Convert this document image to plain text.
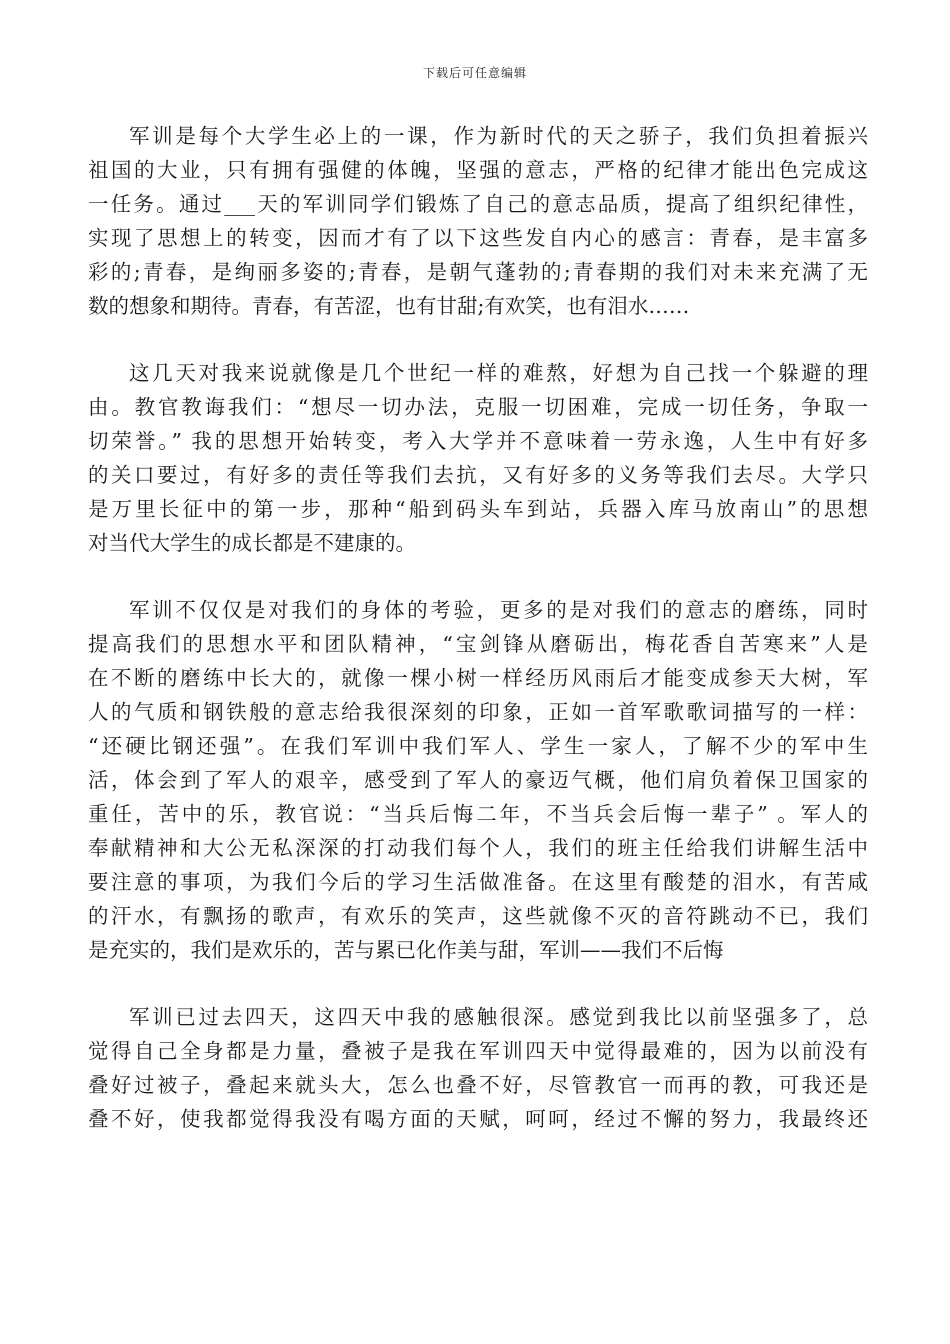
下载后可任意编辑
军训是每个大学生必上的一课，作为新时代的天之骄子，我们负担着振兴
祖国的大业，只有拥有强健的体魄，坚强的意志，严格的纪律才能出色完成这
一任务。通过___天的军训同学们锻炼了自己的意志品质，提高了组织纪律性，
实现了思想上的转变，因而才有了以下这些发自内心的感言：青春，是丰富多
彩的;青春，是绚丽多姿的;青春，是朝气蓬勃的;青春期的我们对未来充满了无
数的想象和期待。青春，有苦涩，也有甘甜;有欢笑，也有泪水……
这几天对我来说就像是几个世纪一样的难熬，好想为自己找一个躲避的理
由。教官教诲我们：“想尽一切办法，克服一切困难，完成一切任务，争取一
切荣誉。” 我的思想开始转变，考入大学并不意味着一劳永逸，人生中有好多
的关口要过，有好多的责任等我们去抗，又有好多的义务等我们去尽。大学只
是万里长征中的第一步，那种“船到码头车到站，兵器入库马放南山”的思想
对当代大学生的成长都是不建康的。
军训不仅仅是对我们的身体的考验，更多的是对我们的意志的磨练，同时
提高我们的思想水平和团队精神，“宝剑锋从磨砺出，梅花香自苦寒来”人是
在不断的磨练中长大的，就像一棵小树一样经历风雨后才能变成参天大树，军
人的气质和钢铁般的意志给我很深刻的印象，正如一首军歌歌词描写的一样：
“还硬比钢还强”。在我们军训中我们军人、学生一家人，了解不少的军中生
活，体会到了军人的艰辛，感受到了军人的豪迈气概，他们肩负着保卫国家的
重任，苦中的乐，教官说：“当兵后悔二年，不当兵会后悔一辈子” 。军人的
奉献精神和大公无私深深的打动我们每个人，我们的班主任给我们讲解生活中
要注意的事项，为我们今后的学习生活做准备。在这里有酸楚的泪水，有苦咸
的汗水，有飘扬的歌声，有欢乐的笑声，这些就像不灭的音符跳动不已，我们
是充实的，我们是欢乐的，苦与累已化作美与甜，军训——我们不后悔
军训已过去四天，这四天中我的感触很深。感觉到我比以前坚强多了，总
觉得自己全身都是力量，叠被子是我在军训四天中觉得最难的，因为以前没有
叠好过被子，叠起来就头大，怎么也叠不好，尽管教官一而再的教，可我还是
叠不好，使我都觉得我没有喝方面的天赋，呵呵，经过不懈的努力，我最终还
